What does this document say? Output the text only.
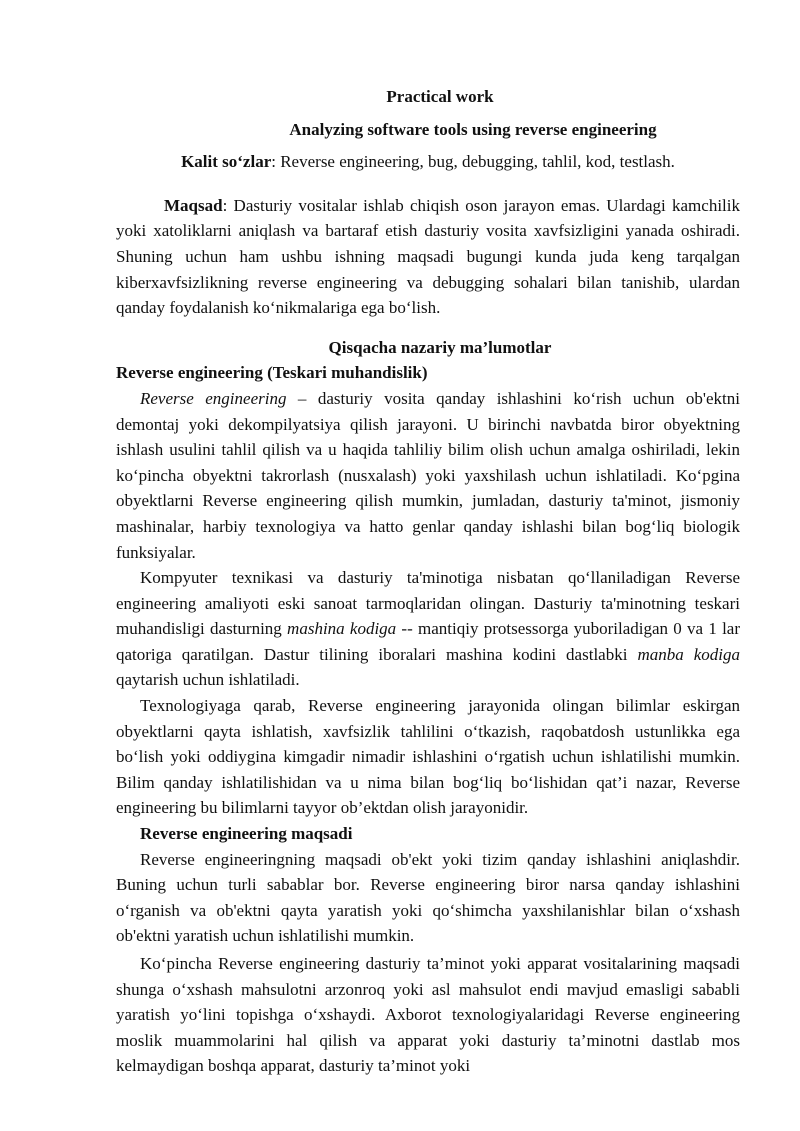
Practical work

Analyzing software tools using reverse engineering

Kalit so‘zlar: Reverse engineering, bug, debugging, tahlil, kod, testlash.

Maqsad: Dasturiy vositalar ishlab chiqish oson jarayon emas. Ulardagi kamchilik yoki xatoliklarni aniqlash va bartaraf etish dasturiy vosita xavfsizligini yanada oshiradi. Shuning uchun ham ushbu ishning maqsadi bugungi kunda juda keng tarqalgan kiberxavfsizlikning reverse engineering va debugging sohalari bilan tanishib, ulardan qanday foydalanish ko‘nikmalariga ega bo‘lish.

Qisqacha nazariy ma’lumotlar

Reverse engineering (Teskari muhandislik)

Reverse engineering – dasturiy vosita qanday ishlashini ko‘rish uchun ob'ektni demontaj yoki dekompilyatsiya qilish jarayoni. U birinchi navbatda biror obyektning ishlash usulini tahlil qilish va u haqida tahliliy bilim olish uchun amalga oshiriladi, lekin ko‘pincha obyektni takrorlash (nusxalash) yoki yaxshilash uchun ishlatiladi. Ko‘pgina obyektlarni Reverse engineering qilish mumkin, jumladan, dasturiy ta'minot, jismoniy mashinalar, harbiy texnologiya va hatto genlar qanday ishlashi bilan bog‘liq biologik funksiyalar.

Kompyuter texnikasi va dasturiy ta'minotiga nisbatan qo‘llaniladigan Reverse engineering amaliyoti eski sanoat tarmoqlaridan olingan. Dasturiy ta'minotning teskari muhandisligi dasturning mashina kodiga -- mantiqiy protsessorga yuboriladigan 0 va 1 lar qatoriga qaratilgan. Dastur tilining iboralari mashina kodini dastlabki manba kodiga qaytarish uchun ishlatiladi.

Texnologiyaga qarab, Reverse engineering jarayonida olingan bilimlar eskirgan obyektlarni qayta ishlatish, xavfsizlik tahlilini o‘tkazish, raqobatdosh ustunlikka ega bo‘lish yoki oddiygina kimgadir nimadir ishlashini o‘rgatish uchun ishlatilishi mumkin. Bilim qanday ishlatilishidan va u nima bilan bog‘liq bo‘lishidan qat’i nazar, Reverse engineering bu bilimlarni tayyor ob’ektdan olish jarayonidir.

Reverse engineering maqsadi

Reverse engineeringning maqsadi ob'ekt yoki tizim qanday ishlashini aniqlashdir. Buning uchun turli sabablar bor. Reverse engineering biror narsa qanday ishlashini o‘rganish va ob'ektni qayta yaratish yoki qo‘shimcha yaxshilanishlar bilan o‘xshash ob'ektni yaratish uchun ishlatilishi mumkin.

Ko‘pincha Reverse engineering dasturiy ta’minot yoki apparat vositalarining maqsadi shunga o‘xshash mahsulotni arzonroq yoki asl mahsulot endi mavjud emasligi sababli yaratish yo‘lini topishga o‘xshaydi. Axborot texnologiyalaridagi Reverse engineering moslik muammolarini hal qilish va apparat yoki dasturiy ta’minotni dastlab mos kelmaydigan boshqa apparat, dasturiy ta’minot yoki
